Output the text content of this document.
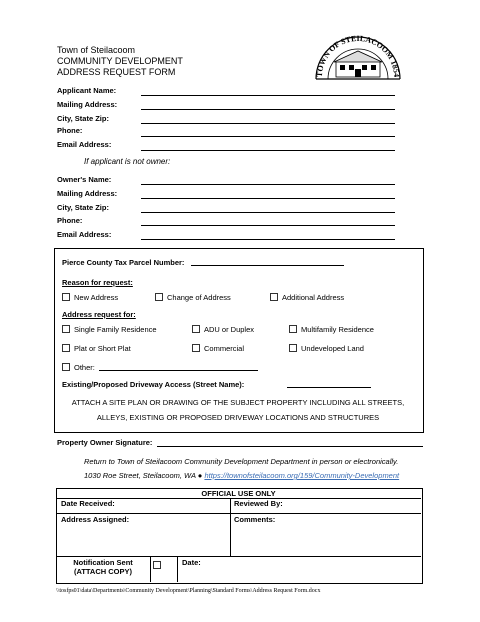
Town of Steilacoom
COMMUNITY DEVELOPMENT
ADDRESS REQUEST FORM	TOWN OF STEILACOOM 1854
Applicant Name:
Mailing Address:
City, State Zip:
Phone:
Email Address:
If applicant is not owner:
Owner's Name:
Mailing Address:
City, State Zip:
Phone:
Email Address:
Pierce County Tax Parcel Number:
Reason for request:
New Address	Change of Address	Additional Address
Address request for:
Single Family Residence	ADU or Duplex	Multifamily Residence
Plat or Short Plat	Commercial	Undeveloped Land
Other:
Existing/Proposed Driveway Access (Street Name):
ATTACH A SITE PLAN OR DRAWING OF THE SUBJECT PROPERTY INCLUDING ALL STREETS,
ALLEYS, EXISTING OR PROPOSED DRIVEWAY LOCATIONS AND STRUCTURES
Property Owner Signature:
Return to Town of Steilacoom Community Development Department in person or electronically.
1030 Roe Street, Steilacoom, WA ● https://townofsteilacoom.org/159/Community-Development
OFFICIAL USE ONLY
Date Received:	Reviewed By:
Address Assigned:	Comments:
Notification Sent
(ATTACH COPY)
Date:
\\tosfps01\data\Departments\Community Development\Planning\Standard Forms\Address Request Form.docx
